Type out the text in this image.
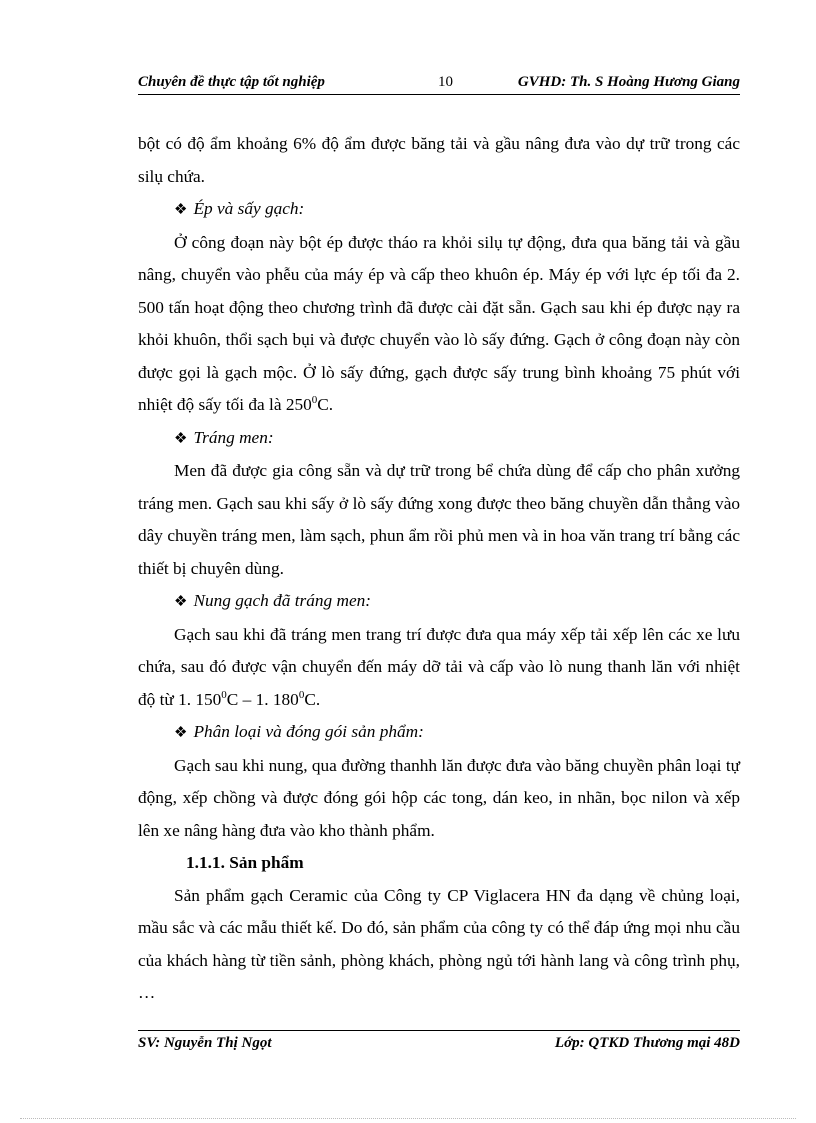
Chuyên đề thực tập tốt nghiệp	10	GVHD: Th. S Hoàng Hương Giang

bột có độ ẩm khoảng 6% độ ẩm được băng tải và gầu nâng đưa vào dự trữ trong các silụ chứa.

❖ Ép và sấy gạch:

Ở công đoạn này bột ép được tháo ra khỏi silụ tự động, đưa qua băng tải và gầu nâng, chuyển vào phễu của máy ép và cấp theo khuôn ép. Máy ép với lực ép tối đa 2. 500 tấn hoạt động theo chương trình đã được cài đặt sẵn. Gạch sau khi ép được nạy ra khỏi khuôn, thổi sạch bụi và được chuyển vào lò sấy đứng. Gạch ở công đoạn này còn được gọi là gạch mộc. Ở lò sấy đứng, gạch được sấy trung bình khoảng 75 phút với nhiệt độ sấy tối đa là $250^0C$.

❖ Tráng men:

Men đã được gia công sẵn và dự trữ trong bể chứa dùng để cấp cho phân xưởng tráng men. Gạch sau khi sấy ở lò sấy đứng xong được theo băng chuyền dẫn thẳng vào dây chuyền tráng men, làm sạch, phun ẩm rồi phủ men và in hoa văn trang trí bằng các thiết bị chuyên dùng.

❖ Nung gạch đã tráng men:

Gạch sau khi đã tráng men trang trí được đưa qua máy xếp tải xếp lên các xe lưu chứa, sau đó được vận chuyển đến máy dỡ tải và cấp vào lò nung thanh lăn với nhiệt độ từ 1. $150^0C - 1$. $180^0C$.

❖ Phân loại và đóng gói sản phẩm:

Gạch sau khi nung, qua đường thanhh lăn được đưa vào băng chuyền phân loại tự động, xếp chồng và được đóng gói hộp các tong, dán keo, in nhãn, bọc nilon và xếp lên xe nâng hàng đưa vào kho thành phẩm.

1.1.1. Sản phẩm

Sản phẩm gạch Ceramic của Công ty CP Viglacera HN đa dạng về chủng loại, mầu sắc và các mẫu thiết kế. Do đó, sản phẩm của công ty có thể đáp ứng mọi nhu cầu của khách hàng từ tiền sảnh, phòng khách, phòng ngủ tới hành lang và công trình phụ, …

SV: Nguyễn Thị Ngọt	Lớp: QTKD Thương mại 48D
